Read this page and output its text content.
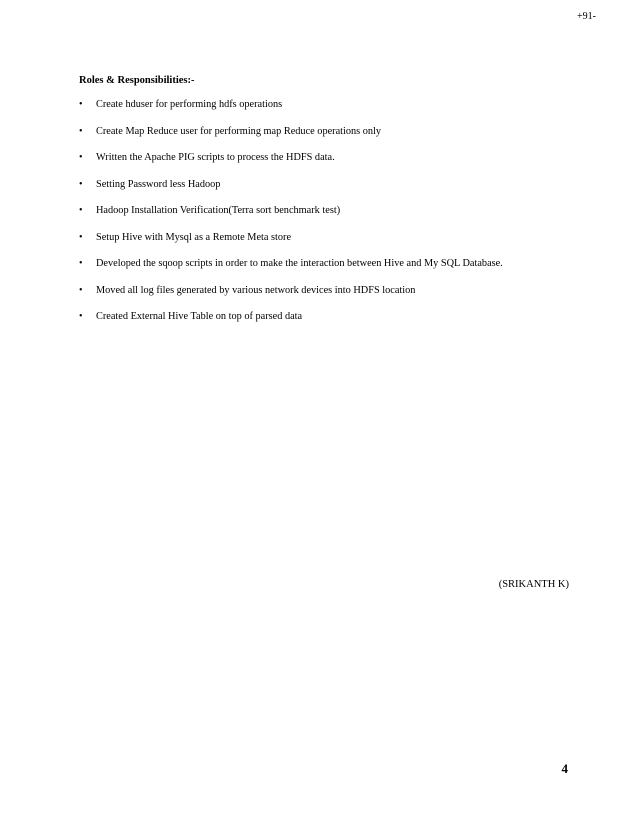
+91-
Roles & Responsibilities:-
•	Create hduser for performing hdfs operations
•	Create Map Reduce user for performing map Reduce operations only
•	Written the Apache PIG scripts to process the HDFS data.
•	Setting Password less Hadoop
•	Hadoop Installation Verification(Terra sort benchmark test)
•	Setup Hive with Mysql as a Remote Meta store
•	Developed the sqoop scripts in order to make the interaction between Hive and My SQL Database.
•	Moved all log files generated by various network devices into HDFS location
•	Created External Hive Table on top of parsed data
(SRIKANTH K)
4
